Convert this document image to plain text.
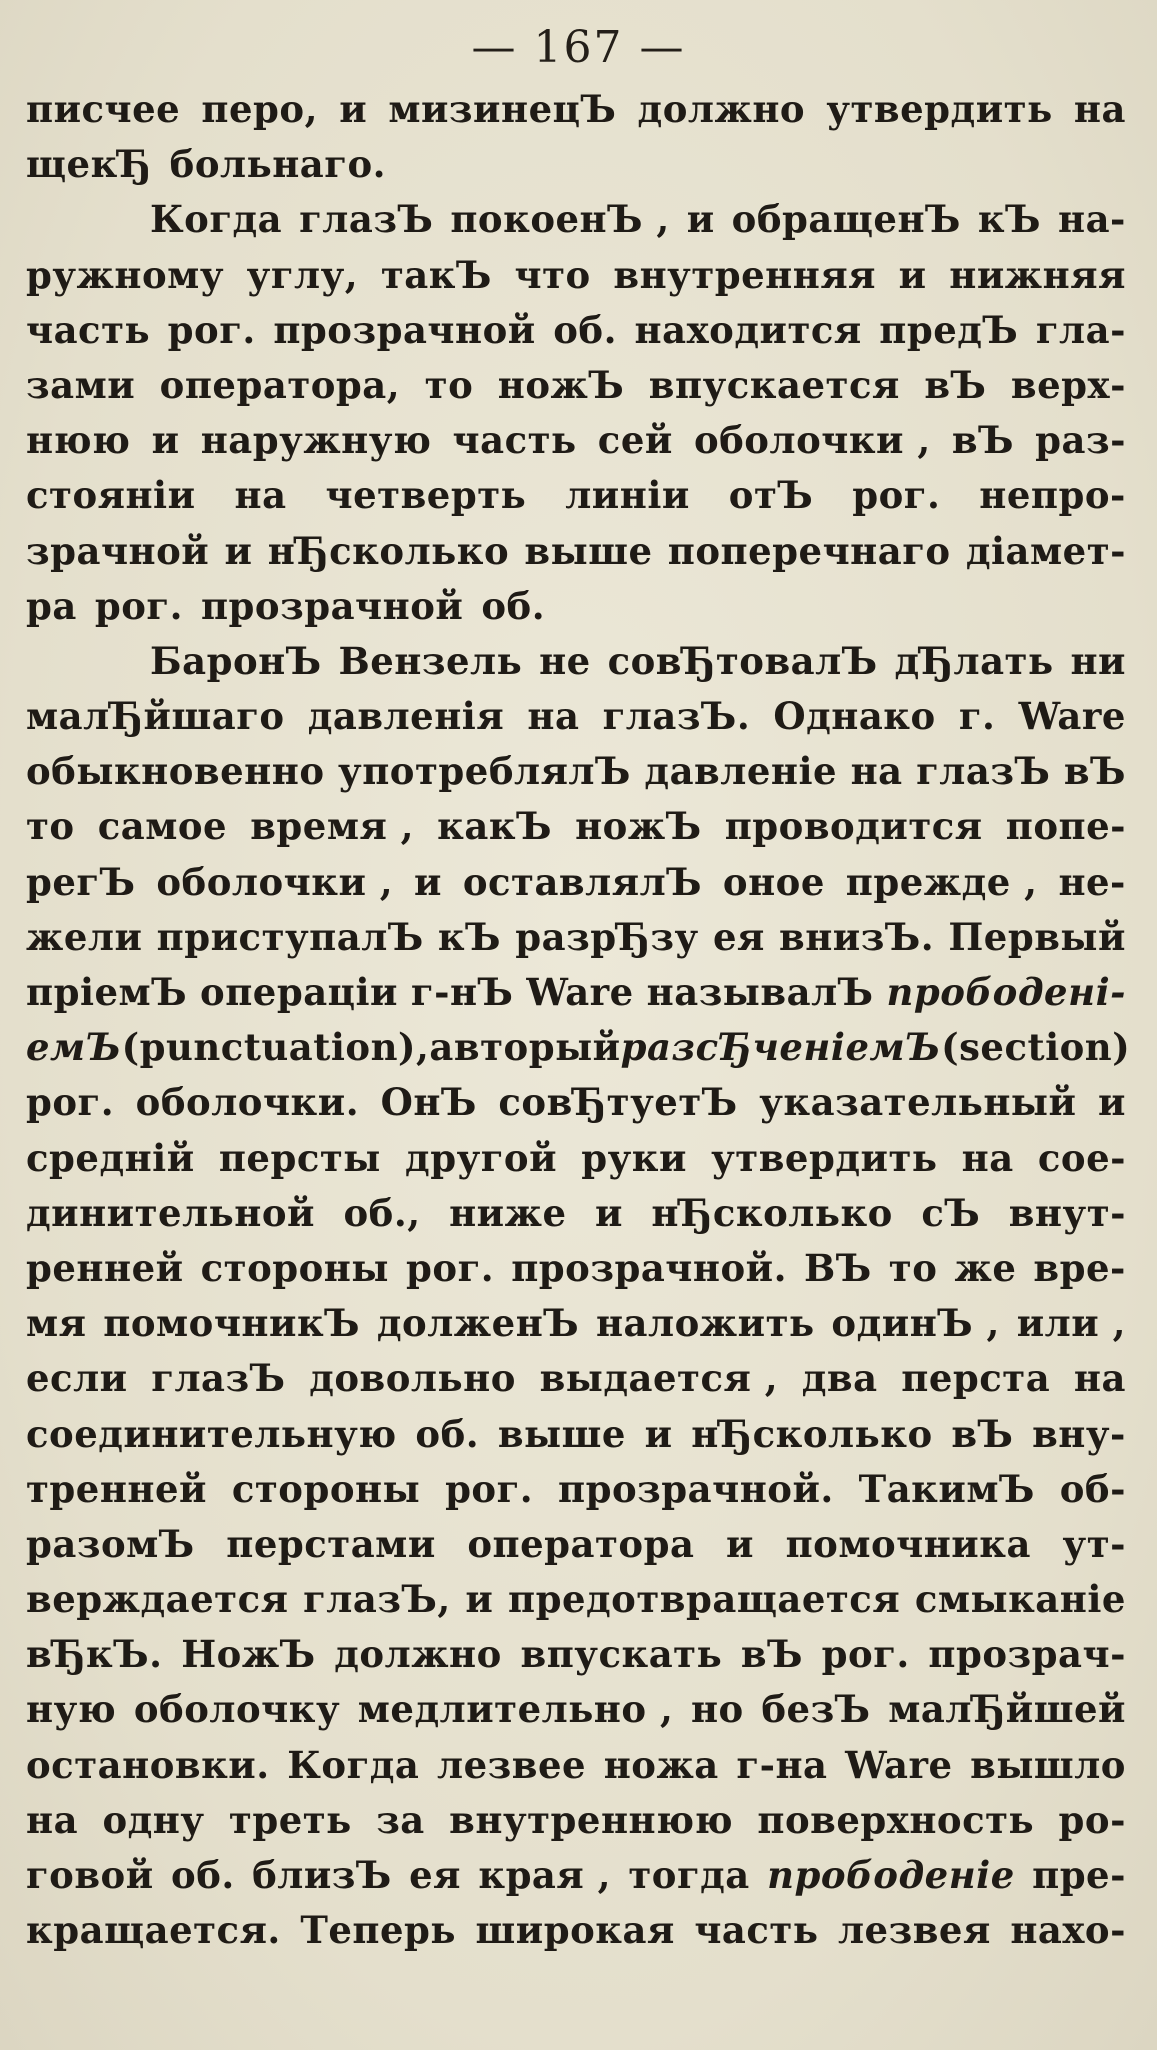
— 167 —
писчее перо, и мизинецЪ должно утвердить на
щекЂ больнаго.
Когда глазЪ покоенЪ , и обращенЪ кЪ на-
ружному углу, такЪ что внутренняя и нижняя
часть рог. прозрачной об. находится предЪ гла-
зами оператора, то ножЪ впускается вЪ верх-
нюю и наружную часть сей оболочки , вЪ раз-
стояніи на четверть линіи отЪ рог. непро-
зрачной и нЂсколько выше поперечнаго діамет-
ра рог. прозрачной об.
БаронЪ Вензель не совЂтовалЪ дЂлать ни
малЂйшаго давленія на глазЪ. Однако г. Ware
обыкновенно употреблялЪ давленіе на глазЪ вЪ
то самое время , какЪ ножЪ проводится попе-
регЪ оболочки , и оставлялЪ оное прежде , не-
жели приступалЪ кЪ разрЂзу ея внизЪ. Первый
пріемЪ операціи г-нЪ Ware называлЪ прободені-
емЪ (punctuation), а вторый разсЂченіемЪ (section)
рог. оболочки. ОнЪ совЂтуетЪ указательный и
средній персты другой руки утвердить на сое-
динительной об., ниже и нЂсколько сЪ внут-
ренней стороны рог. прозрачной. ВЪ то же вре-
мя помочникЪ долженЪ наложить одинЪ , или ,
если глазЪ довольно выдается , два перста на
соединительную об. выше и нЂсколько вЪ вну-
тренней стороны рог. прозрачной. ТакимЪ об-
разомЪ перстами оператора и помочника ут-
верждается глазЪ, и предотвращается смыканіе
вЂкЪ. НожЪ должно впускать вЪ рог. прозрач-
ную оболочку медлительно , но безЪ малЂйшей
остановки. Когда лезвее ножа г-на Ware вышло
на одну треть за внутреннюю поверхность ро-
говой об. близЪ ея края , тогда прободеніе пре-
кращается. Теперь широкая часть лезвея нахо-
